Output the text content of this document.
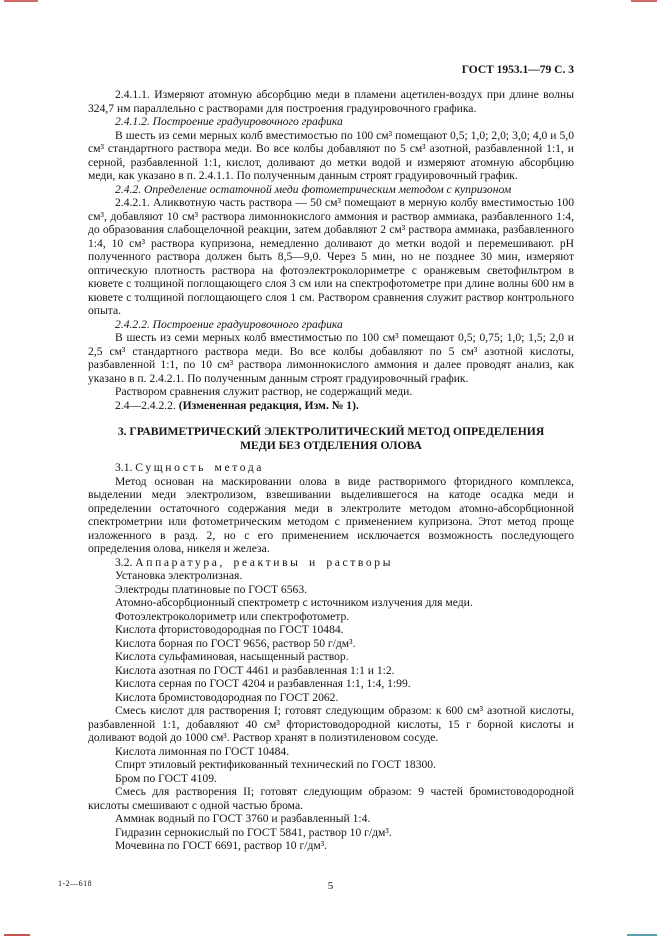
ГОСТ 1953.1—79 С. 3

2.4.1.1. Измеряют атомную абсорбцию меди в пламени ацетилен-воздух при длине волны 324,7 нм параллельно с растворами для построения градуировочного графика.

2.4.1.2. Построение градуировочного графика

В шесть из семи мерных колб вместимостью по 100 см³ помещают 0,5; 1,0; 2,0; 3,0; 4,0 и 5,0 см³ стандартного раствора меди. Во все колбы добавляют по 5 см³ азотной, разбавленной 1:1, и серной, разбавленной 1:1, кислот, доливают до метки водой и измеряют атомную абсорбцию меди, как указано в п. 2.4.1.1. По полученным данным строят градуировочный график.

2.4.2. Определение остаточной меди фотометрическим методом с купризоном

2.4.2.1. Аликвотную часть раствора — 50 см³ помещают в мерную колбу вместимостью 100 см³, добавляют 10 см³ раствора лимоннокислого аммония и раствор аммиака, разбавленного 1:4, до образования слабощелочной реакции, затем добавляют 2 см³ раствора аммиака, разбавленного 1:4, 10 см³ раствора купризона, немедленно доливают до метки водой и перемешивают. рН полученного раствора должен быть 8,5—9,0. Через 5 мин, но не позднее 30 мин, измеряют оптическую плотность раствора на фотоэлектроколориметре с оранжевым светофильтром в кювете с толщиной поглощающего слоя 3 см или на спектрофотометре при длине волны 600 нм в кювете с толщиной поглощающего слоя 1 см. Раствором сравнения служит раствор контрольного опыта.

2.4.2.2. Построение градуировочного графика

В шесть из семи мерных колб вместимостью по 100 см³ помещают 0,5; 0,75; 1,0; 1,5; 2,0 и 2,5 см³ стандартного раствора меди. Во все колбы добавляют по 5 см³ азотной кислоты, разбавленной 1:1, по 10 см³ раствора лимоннокислого аммония и далее проводят анализ, как указано в п. 2.4.2.1. По полученным данным строят градуировочный график.

Раствором сравнения служит раствор, не содержащий меди.

2.4—2.4.2.2. (Измененная редакция, Изм. № 1).

3. ГРАВИМЕТРИЧЕСКИЙ ЭЛЕКТРОЛИТИЧЕСКИЙ МЕТОД ОПРЕДЕЛЕНИЯ
МЕДИ БЕЗ ОТДЕЛЕНИЯ ОЛОВА

3.1. Сущность метода

Метод основан на маскировании олова в виде растворимого фторидного комплекса, выделении меди электролизом, взвешивании выделившегося на катоде осадка меди и определении остаточного содержания меди в электролите методом атомно-абсорбционной спектрометрии или фотометрическим методом с применением купризона. Этот метод проще изложенного в разд. 2, но с его применением исключается возможность последующего определения олова, никеля и железа.

3.2. Аппаратура, реактивы и растворы

Установка электролизная.

Электроды платиновые по ГОСТ 6563.

Атомно-абсорбционный спектрометр с источником излучения для меди.

Фотоэлектроколориметр или спектрофотометр.

Кислота фтористоводородная по ГОСТ 10484.

Кислота борная по ГОСТ 9656, раствор 50 г/дм³.

Кислота сульфаминовая, насыщенный раствор.

Кислота азотная по ГОСТ 4461 и разбавленная 1:1 и 1:2.

Кислота серная по ГОСТ 4204 и разбавленная 1:1, 1:4, 1:99.

Кислота бромистоводородная по ГОСТ 2062.

Смесь кислот для растворения I; готовят следующим образом: к 600 см³ азотной кислоты, разбавленной 1:1, добавляют 40 см³ фтористоводородной кислоты, 15 г борной кислоты и доливают водой до 1000 см³. Раствор хранят в полиэтиленовом сосуде.

Кислота лимонная по ГОСТ 10484.

Спирт этиловый ректификованный технический по ГОСТ 18300.

Бром по ГОСТ 4109.

Смесь для растворения II; готовят следующим образом: 9 частей бромистоводородной кислоты смешивают с одной частью брома.

Аммиак водный по ГОСТ 3760 и разбавленный 1:4.

Гидразин сернокислый по ГОСТ 5841, раствор 10 г/дм³.

Мочевина по ГОСТ 6691, раствор 10 г/дм³.

1-2—618	5
